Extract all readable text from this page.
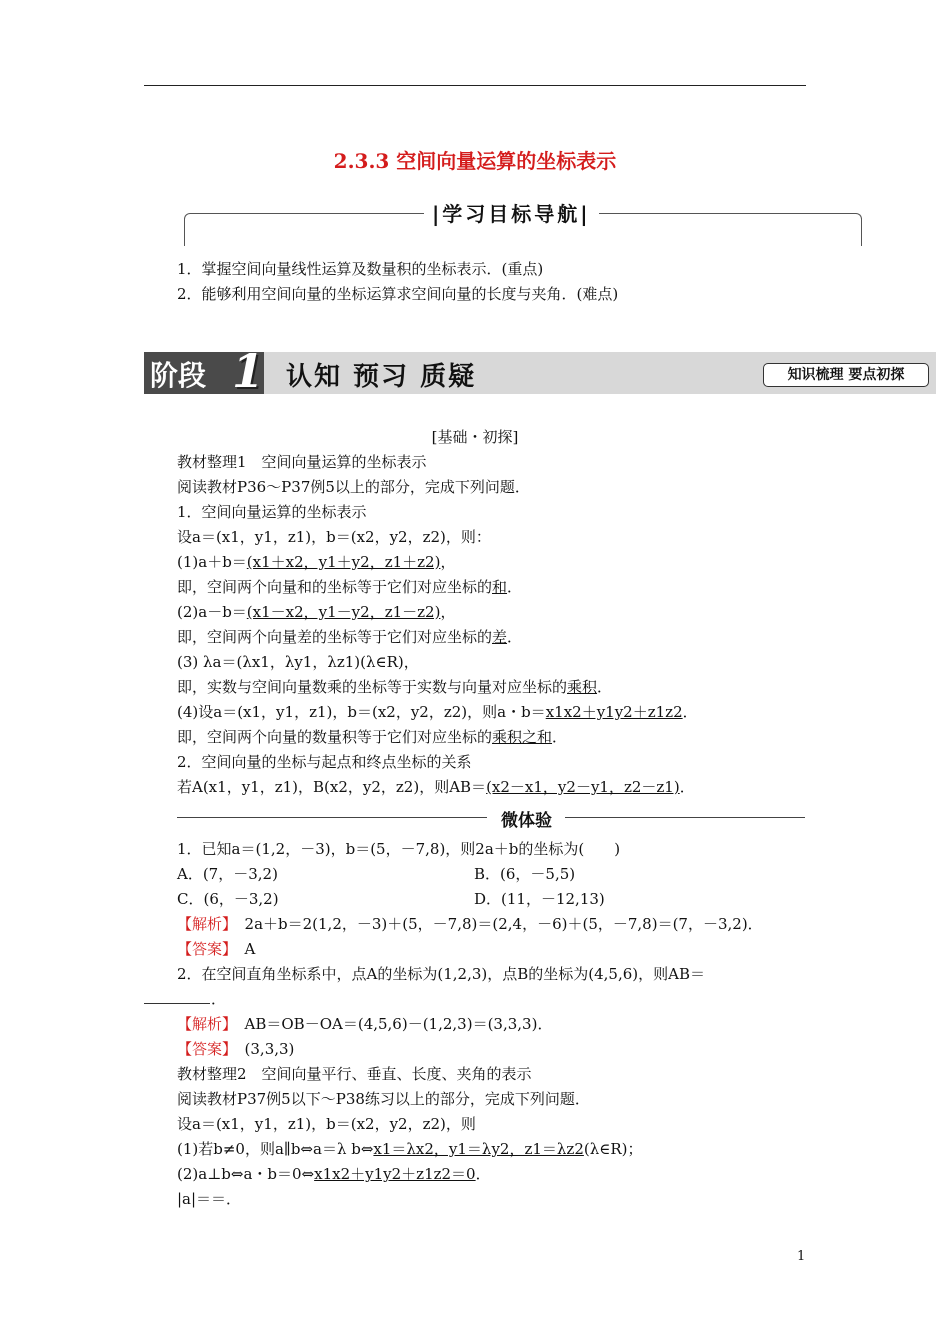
2.3.3 空间向量运算的坐标表示
|学习目标导航|
1．掌握空间向量线性运算及数量积的坐标表示．(重点)
2．能够利用空间向量的坐标运算求空间向量的长度与夹角．(难点)
阶段 1 认知 预习 质疑	知识梳理 要点初探
[基础・初探]
教材整理1　空间向量运算的坐标表示
阅读教材P36～P37例5以上的部分，完成下列问题．
1．空间向量运算的坐标表示
设a＝(x1，y1，z1)，b＝(x2，y2，z2)，则：
(1)a＋b＝(x1＋x2，y1＋y2，z1＋z2)，
即，空间两个向量和的坐标等于它们对应坐标的和．
(2)a－b＝(x1－x2，y1－y2，z1－z2)，
即，空间两个向量差的坐标等于它们对应坐标的差．
(3) λa＝(λx1，λy1，λz1)(λ∈R)，
即，实数与空间向量数乘的坐标等于实数与向量对应坐标的乘积．
(4)设a＝(x1，y1，z1)，b＝(x2，y2，z2)，则a・b＝x1x2＋y1y2＋z1z2．
即，空间两个向量的数量积等于它们对应坐标的乘积之和．
2．空间向量的坐标与起点和终点坐标的关系
若A(x1，y1，z1)，B(x2，y2，z2)，则AB＝(x2－x1，y2－y1，z2－z1)．
微体验
1．已知a＝(1,2，－3)，b＝(5，－7,8)，则2a＋b的坐标为(　　)
A．(7，－3,2)	B．(6，－5,5)
C．(6，－3,2)	D．(11，－12,13)
【解析】　 2a＋b＝2(1,2，－3)＋(5，－7,8)＝(2,4，－6)＋(5，－7,8)＝(7，－3,2)．
【答案】　 A
2．在空间直角坐标系中，点A的坐标为(1,2,3)，点B的坐标为(4,5,6)，则AB＝
．
【解析】　 AB＝OB－OA＝(4,5,6)－(1,2,3)＝(3,3,3)．
【答案】　 (3,3,3)
教材整理2　空间向量平行、垂直、长度、夹角的表示
阅读教材P37例5以下～P38练习以上的部分，完成下列问题．
设a＝(x1，y1，z1)，b＝(x2，y2，z2)，则
(1)若b≠0，则a∥b⇔a＝λ b⇔x1＝λx2，y1＝λy2，z1＝λz2(λ∈R)；
(2)a⊥b⇔a・b＝0⇔x1x2＋y1y2＋z1z2＝0．
|a|＝＝．
1
